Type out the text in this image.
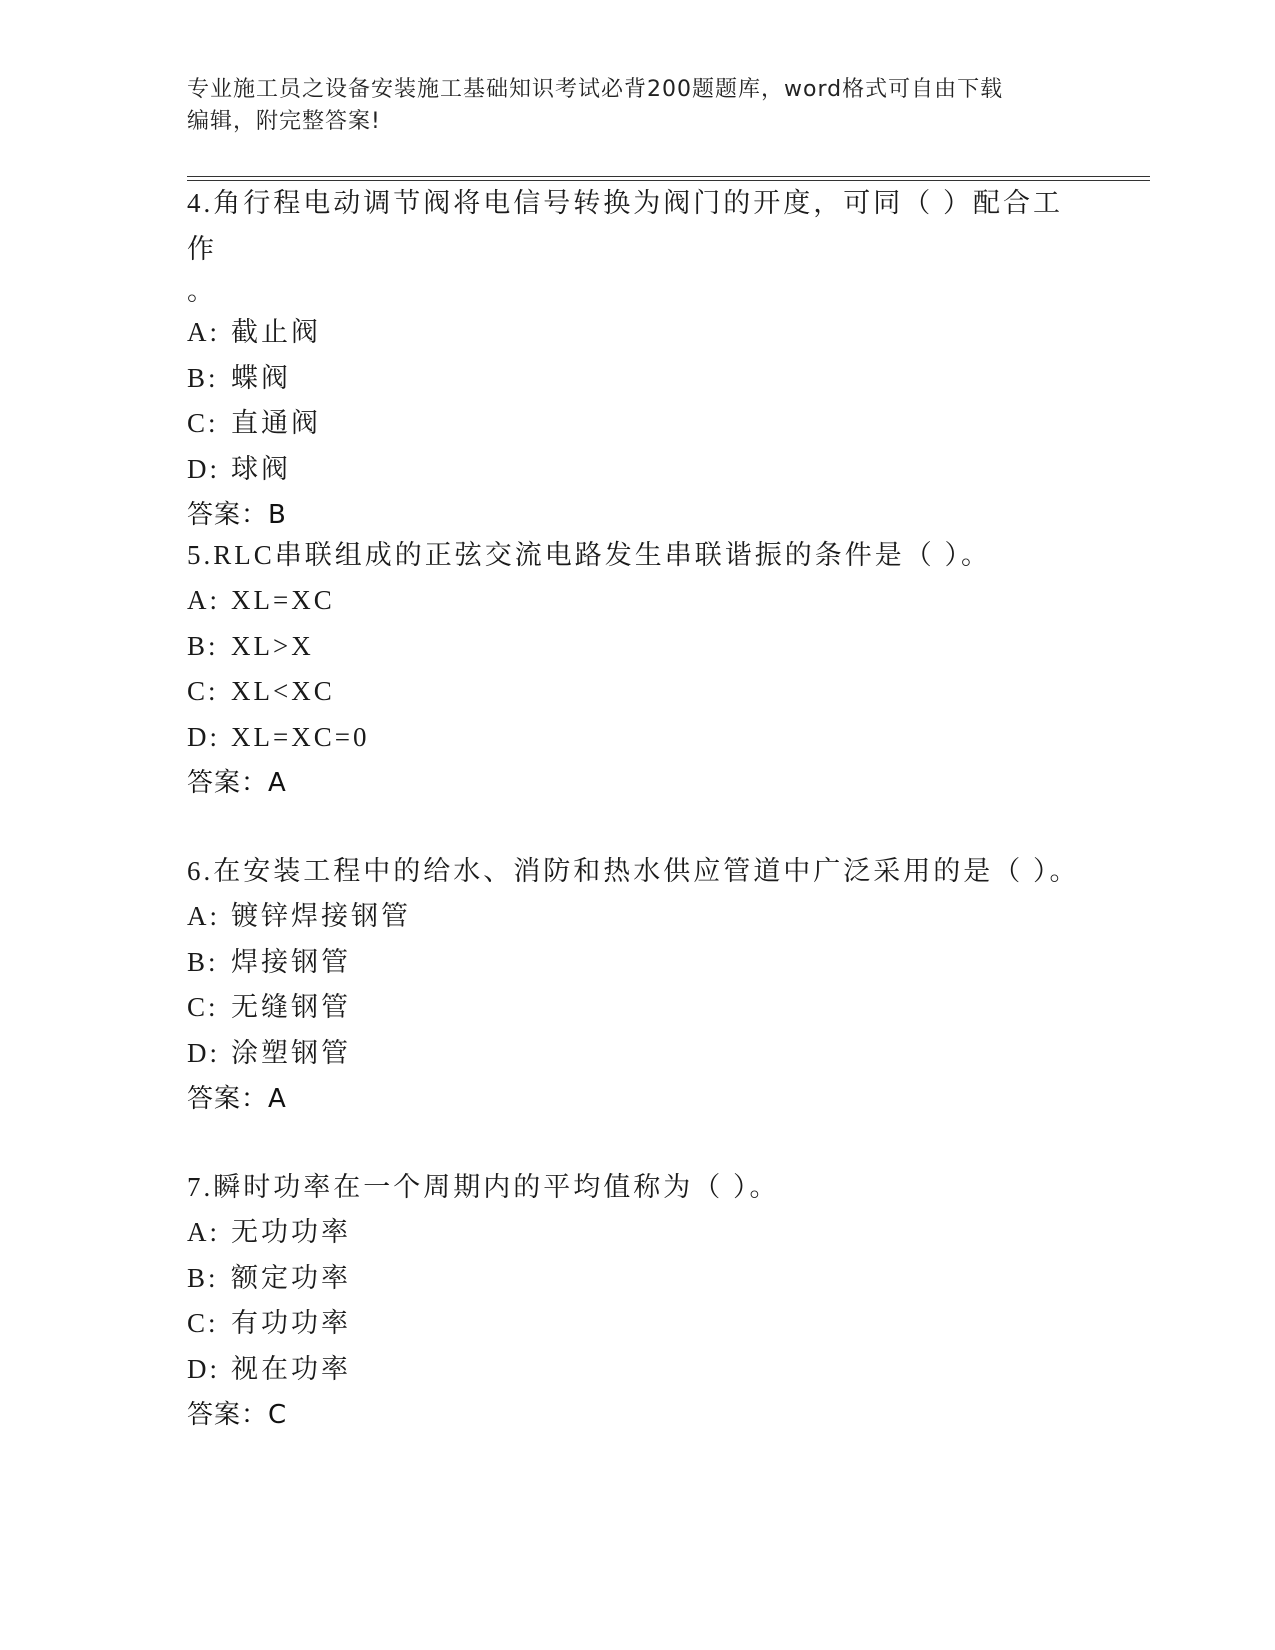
专业施工员之设备安装施工基础知识考试必背200题题库，word格式可自由下载
编辑，附完整答案!

4.角行程电动调节阀将电信号转换为阀门的开度，可同（ ）配合工作

。

A: 截止阀
B: 蝶阀
C: 直通阀
D: 球阀
答案：B

5.RLC串联组成的正弦交流电路发生串联谐振的条件是（ ）。

A: XL=XC
B: XL>X
C: XL<XC
D: XL=XC=0
答案：A

6.在安装工程中的给水、消防和热水供应管道中广泛采用的是（ ）。

A: 镀锌焊接钢管
B: 焊接钢管
C: 无缝钢管
D: 涂塑钢管
答案：A

7.瞬时功率在一个周期内的平均值称为（ ）。

A: 无功功率
B: 额定功率
C: 有功功率
D: 视在功率
答案：C
